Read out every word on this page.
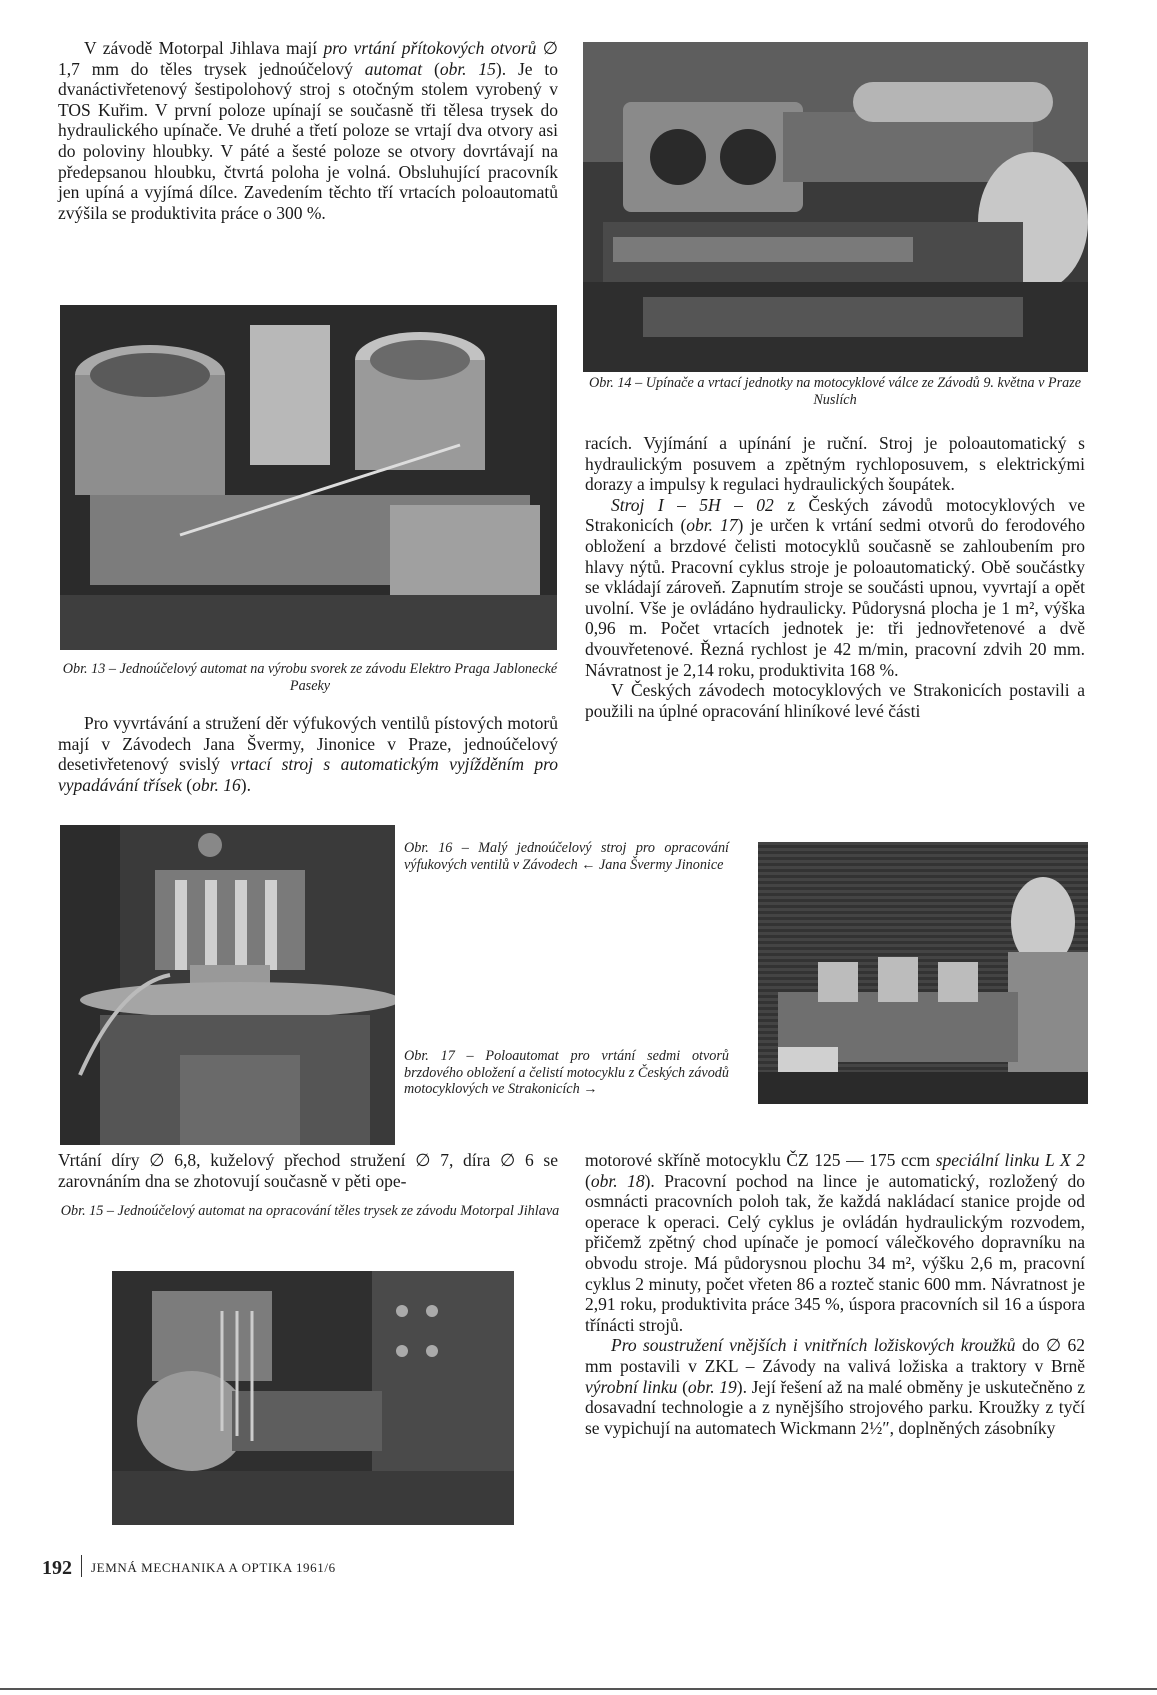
V závodě Motorpal Jihlava mají pro vrtání přítokových otvorů ∅ 1,7 mm do těles trysek jednoúčelový automat (obr. 15). Je to dvanáctivřetenový šestipolohový stroj s otočným stolem vyrobený v TOS Kuřim. V první poloze upínají se současně tři tělesa trysek do hydraulického upínače. Ve druhé a třetí poloze se vrtají dva otvory asi do poloviny hloubky. V páté a šesté poloze se otvory dovrtávají na předepsanou hloubku, čtvrtá poloha je volná. Obsluhující pracovník jen upíná a vyjímá dílce. Zavedením těchto tří vrtacích poloautomatů zvýšila se produktivita práce o 300 %.

Obr. 14 – Upínače a vrtací jednotky na motocyklové válce ze Závodů 9. května v Praze Nuslích
Obr. 13 – Jednoúčelový automat na výrobu svorek ze závodu Elektro Praga Jablonecké Paseky

Pro vyvrtávání a stružení děr výfukových ventilů pístových motorů mají v Závodech Jana Švermy, Jinonice v Praze, jednoúčelový desetivřetenový svislý vrtací stroj s automatickým vyjížděním pro vypadávání třísek (obr. 16).

racích. Vyjímání a upínání je ruční. Stroj je poloautomatický s hydraulickým posuvem a zpětným rychloposuvem, s elektrickými dorazy a impulsy k regulaci hydraulických šoupátek.

Stroj I – 5H – 02 z Českých závodů motocyklových ve Strakonicích (obr. 17) je určen k vrtání sedmi otvorů do ferodového obložení a brzdové čelisti motocyklů současně se zahloubením pro hlavy nýtů. Pracovní cyklus stroje je poloautomatický. Obě součástky se vkládají zároveň. Zapnutím stroje se součásti upnou, vyvrtají a opět uvolní. Vše je ovládáno hydraulicky. Půdorysná plocha je 1 m², výška 0,96 m. Počet vrtacích jednotek je: tři jednovřetenové a dvě dvouvřetenové. Řezná rychlost je 42 m/min, pracovní zdvih 20 mm. Návratnost je 2,14 roku, produktivita 168 %.

V Českých závodech motocyklových ve Strakonicích postavili a použili na úplné opracování hliníkové levé části

Obr. 16 – Malý jednoúčelový stroj pro opracování výfukových ventilů v Závodech ← Jana Švermy Jinonice
Obr. 17 – Poloautomat pro vrtání sedmi otvorů brzdového obložení a čelistí motocyklu z Českých závodů motocyklových ve Strakonicích →
Vrtání díry ∅ 6,8, kuželový přechod stružení ∅ 7, díra ∅ 6 se zarovnáním dna se zhotovují současně v pěti ope-
Obr. 15 – Jednoúčelový automat na opracování těles trysek ze závodu Motorpal Jihlava

motorové skříně motocyklu ČZ 125 — 175 ccm speciální linku L X 2 (obr. 18). Pracovní pochod na lince je automatický, rozložený do osmnácti pracovních poloh tak, že každá nakládací stanice projde od operace k operaci. Celý cyklus je ovládán hydraulickým rozvodem, přičemž zpětný chod upínače je pomocí válečkového dopravníku na obvodu stroje. Má půdorysnou plochu 34 m², výšku 2,6 m, pracovní cyklus 2 minuty, počet vřeten 86 a rozteč stanic 600 mm. Návratnost je 2,91 roku, produktivita práce 345 %, úspora pracovních sil 16 a úspora třínácti strojů.

Pro soustružení vnějších i vnitřních ložiskových kroužků do ∅ 62 mm postavili v ZKL – Závody na valivá ložiska a traktory v Brně výrobní linku (obr. 19). Její řešení až na malé obměny je uskutečněno z dosavadní technologie a z nynějšího strojového parku. Kroužky z tyčí se vypichují na automatech Wickmann 2½″, doplněných zásobníky

192 JEMNÁ MECHANIKA A OPTIKA 1961/6
